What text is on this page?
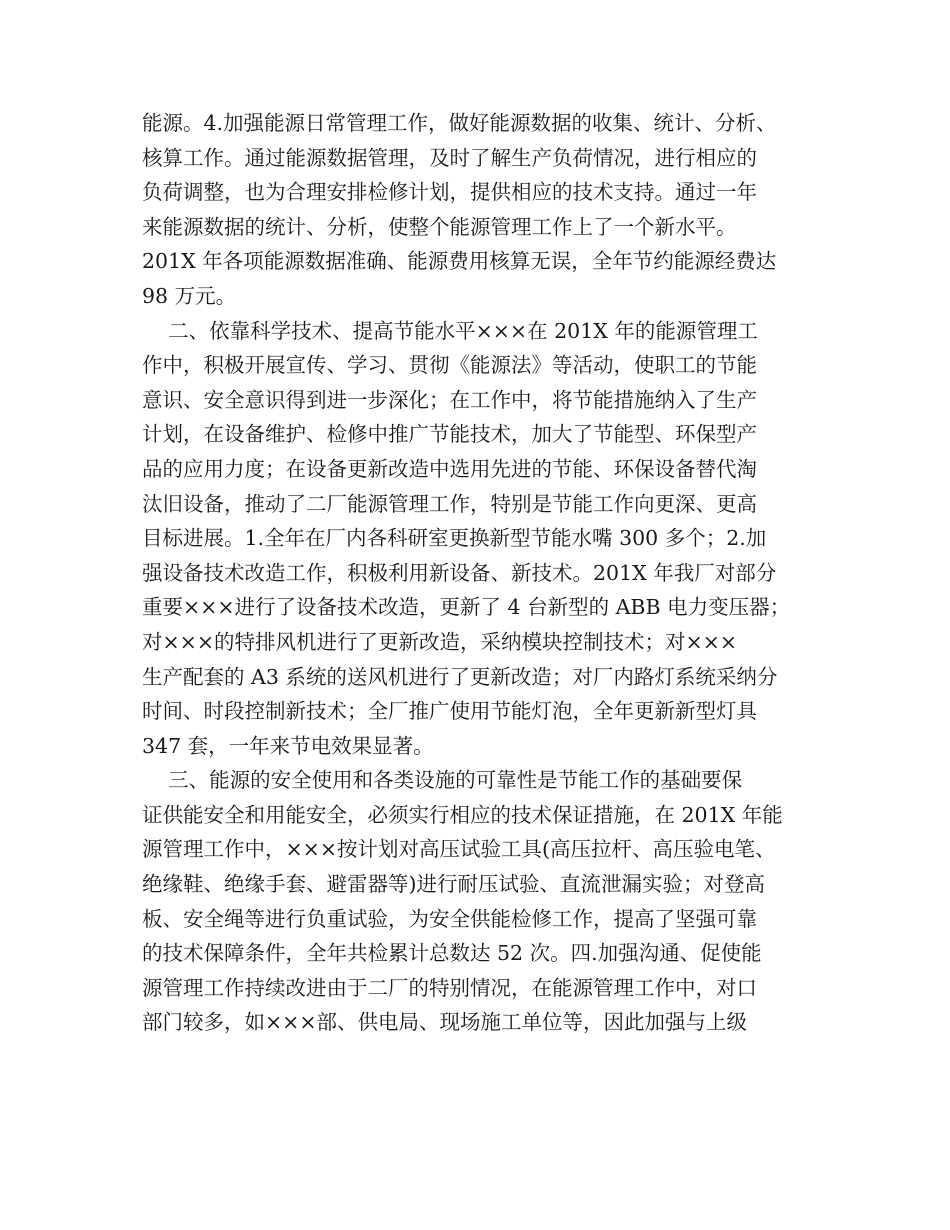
能源。4.加强能源日常管理工作，做好能源数据的收集、统计、分析、
核算工作。通过能源数据管理，及时了解生产负荷情况，进行相应的
负荷调整，也为合理安排检修计划，提供相应的技术支持。通过一年
来能源数据的统计、分析，使整个能源管理工作上了一个新水平。
201X 年各项能源数据准确、能源费用核算无误，全年节约能源经费达
98 万元。
二、依靠科学技术、提高节能水平×××在 201X 年的能源管理工
作中，积极开展宣传、学习、贯彻《能源法》等活动，使职工的节能
意识、安全意识得到进一步深化；在工作中，将节能措施纳入了生产
计划，在设备维护、检修中推广节能技术，加大了节能型、环保型产
品的应用力度；在设备更新改造中选用先进的节能、环保设备替代淘
汰旧设备，推动了二厂能源管理工作，特别是节能工作向更深、更高
目标进展。1.全年在厂内各科研室更换新型节能水嘴 300 多个；2.加
强设备技术改造工作，积极利用新设备、新技术。201X 年我厂对部分
重要×××进行了设备技术改造，更新了 4 台新型的 ABB 电力变压器；
对×××的特排风机进行了更新改造，采纳模块控制技术；对×××
生产配套的 A3 系统的送风机进行了更新改造；对厂内路灯系统采纳分
时间、时段控制新技术；全厂推广使用节能灯泡，全年更新新型灯具
347 套，一年来节电效果显著。
三、能源的安全使用和各类设施的可靠性是节能工作的基础要保
证供能安全和用能安全，必须实行相应的技术保证措施，在 201X 年能
源管理工作中，×××按计划对高压试验工具(高压拉杆、高压验电笔、
绝缘鞋、绝缘手套、避雷器等)进行耐压试验、直流泄漏实验；对登高
板、安全绳等进行负重试验，为安全供能检修工作，提高了坚强可靠
的技术保障条件，全年共检累计总数达 52 次。四.加强沟通、促使能
源管理工作持续改进由于二厂的特别情况，在能源管理工作中，对口
部门较多，如×××部、供电局、现场施工单位等，因此加强与上级
